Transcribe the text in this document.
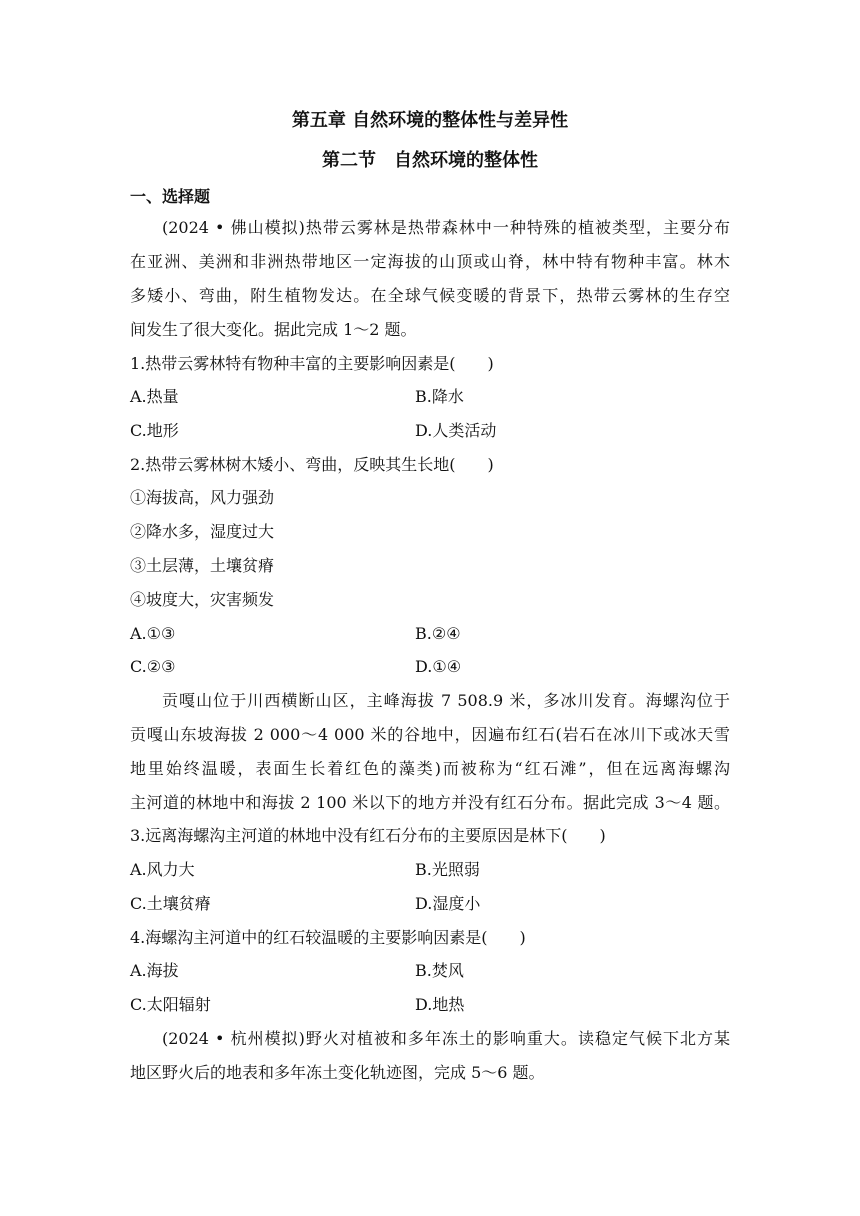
第五章 自然环境的整体性与差异性
第二节　自然环境的整体性
一、选择题
(2024 • 佛山模拟)热带云雾林是热带森林中一种特殊的植被类型，主要分布
在亚洲、美洲和非洲热带地区一定海拔的山顶或山脊，林中特有物种丰富。林木
多矮小、弯曲，附生植物发达。在全球气候变暖的背景下，热带云雾林的生存空
间发生了很大变化。据此完成 1～2 题。
1.热带云雾林特有物种丰富的主要影响因素是(　　)
A.热量	B.降水
C.地形	D.人类活动
2.热带云雾林树木矮小、弯曲，反映其生长地(　　)
①海拔高，风力强劲
②降水多，湿度过大
③土层薄，土壤贫瘠
④坡度大，灾害频发
A.①③	B.②④
C.②③	D.①④
贡嘎山位于川西横断山区，主峰海拔 7 508.9 米，多冰川发育。海螺沟位于
贡嘎山东坡海拔 2 000～4 000 米的谷地中，因遍布红石(岩石在冰川下或冰天雪
地里始终温暖，表面生长着红色的藻类)而被称为“红石滩”，但在远离海螺沟
主河道的林地中和海拔 2 100 米以下的地方并没有红石分布。据此完成 3～4 题。
3.远离海螺沟主河道的林地中没有红石分布的主要原因是林下(　　)
A.风力大	B.光照弱
C.土壤贫瘠	D.湿度小
4.海螺沟主河道中的红石较温暖的主要影响因素是(　　)
A.海拔	B.焚风
C.太阳辐射	D.地热
(2024 • 杭州模拟)野火对植被和多年冻土的影响重大。读稳定气候下北方某
地区野火后的地表和多年冻土变化轨迹图，完成 5～6 题。
